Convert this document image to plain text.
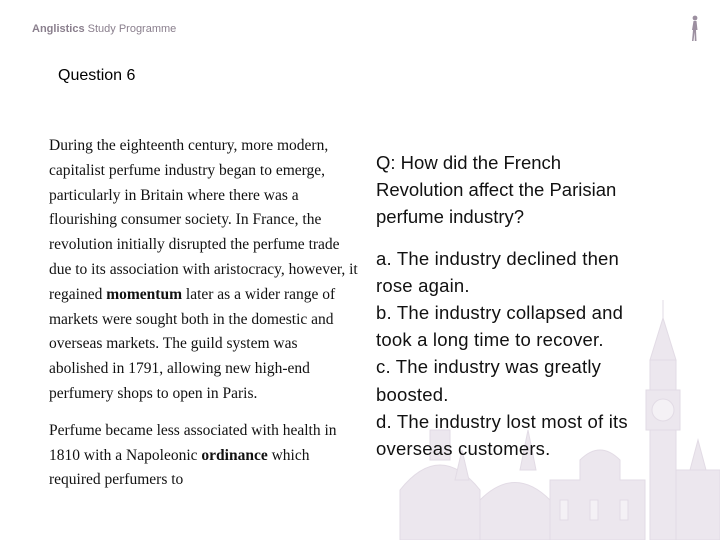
Anglistics Study Programme
Question 6

During the eighteenth century, more modern, capitalist perfume industry began to emerge, particularly in Britain where there was a flourishing consumer society. In France, the revolution initially disrupted the perfume trade due to its association with aristocracy, however, it regained momentum later as a wider range of markets were sought both in the domestic and overseas markets. The guild system was abolished in 1791, allowing new high-end perfumery shops to open in Paris.

Perfume became less associated with health in 1810 with a Napoleonic ordinance which required perfumers to

Q: How did the French Revolution affect the Parisian perfume industry?

a. The industry declined then rose again.

b. The industry collapsed and took a long time to recover.

c. The industry was greatly boosted.

d. The industry lost most of its overseas customers.
